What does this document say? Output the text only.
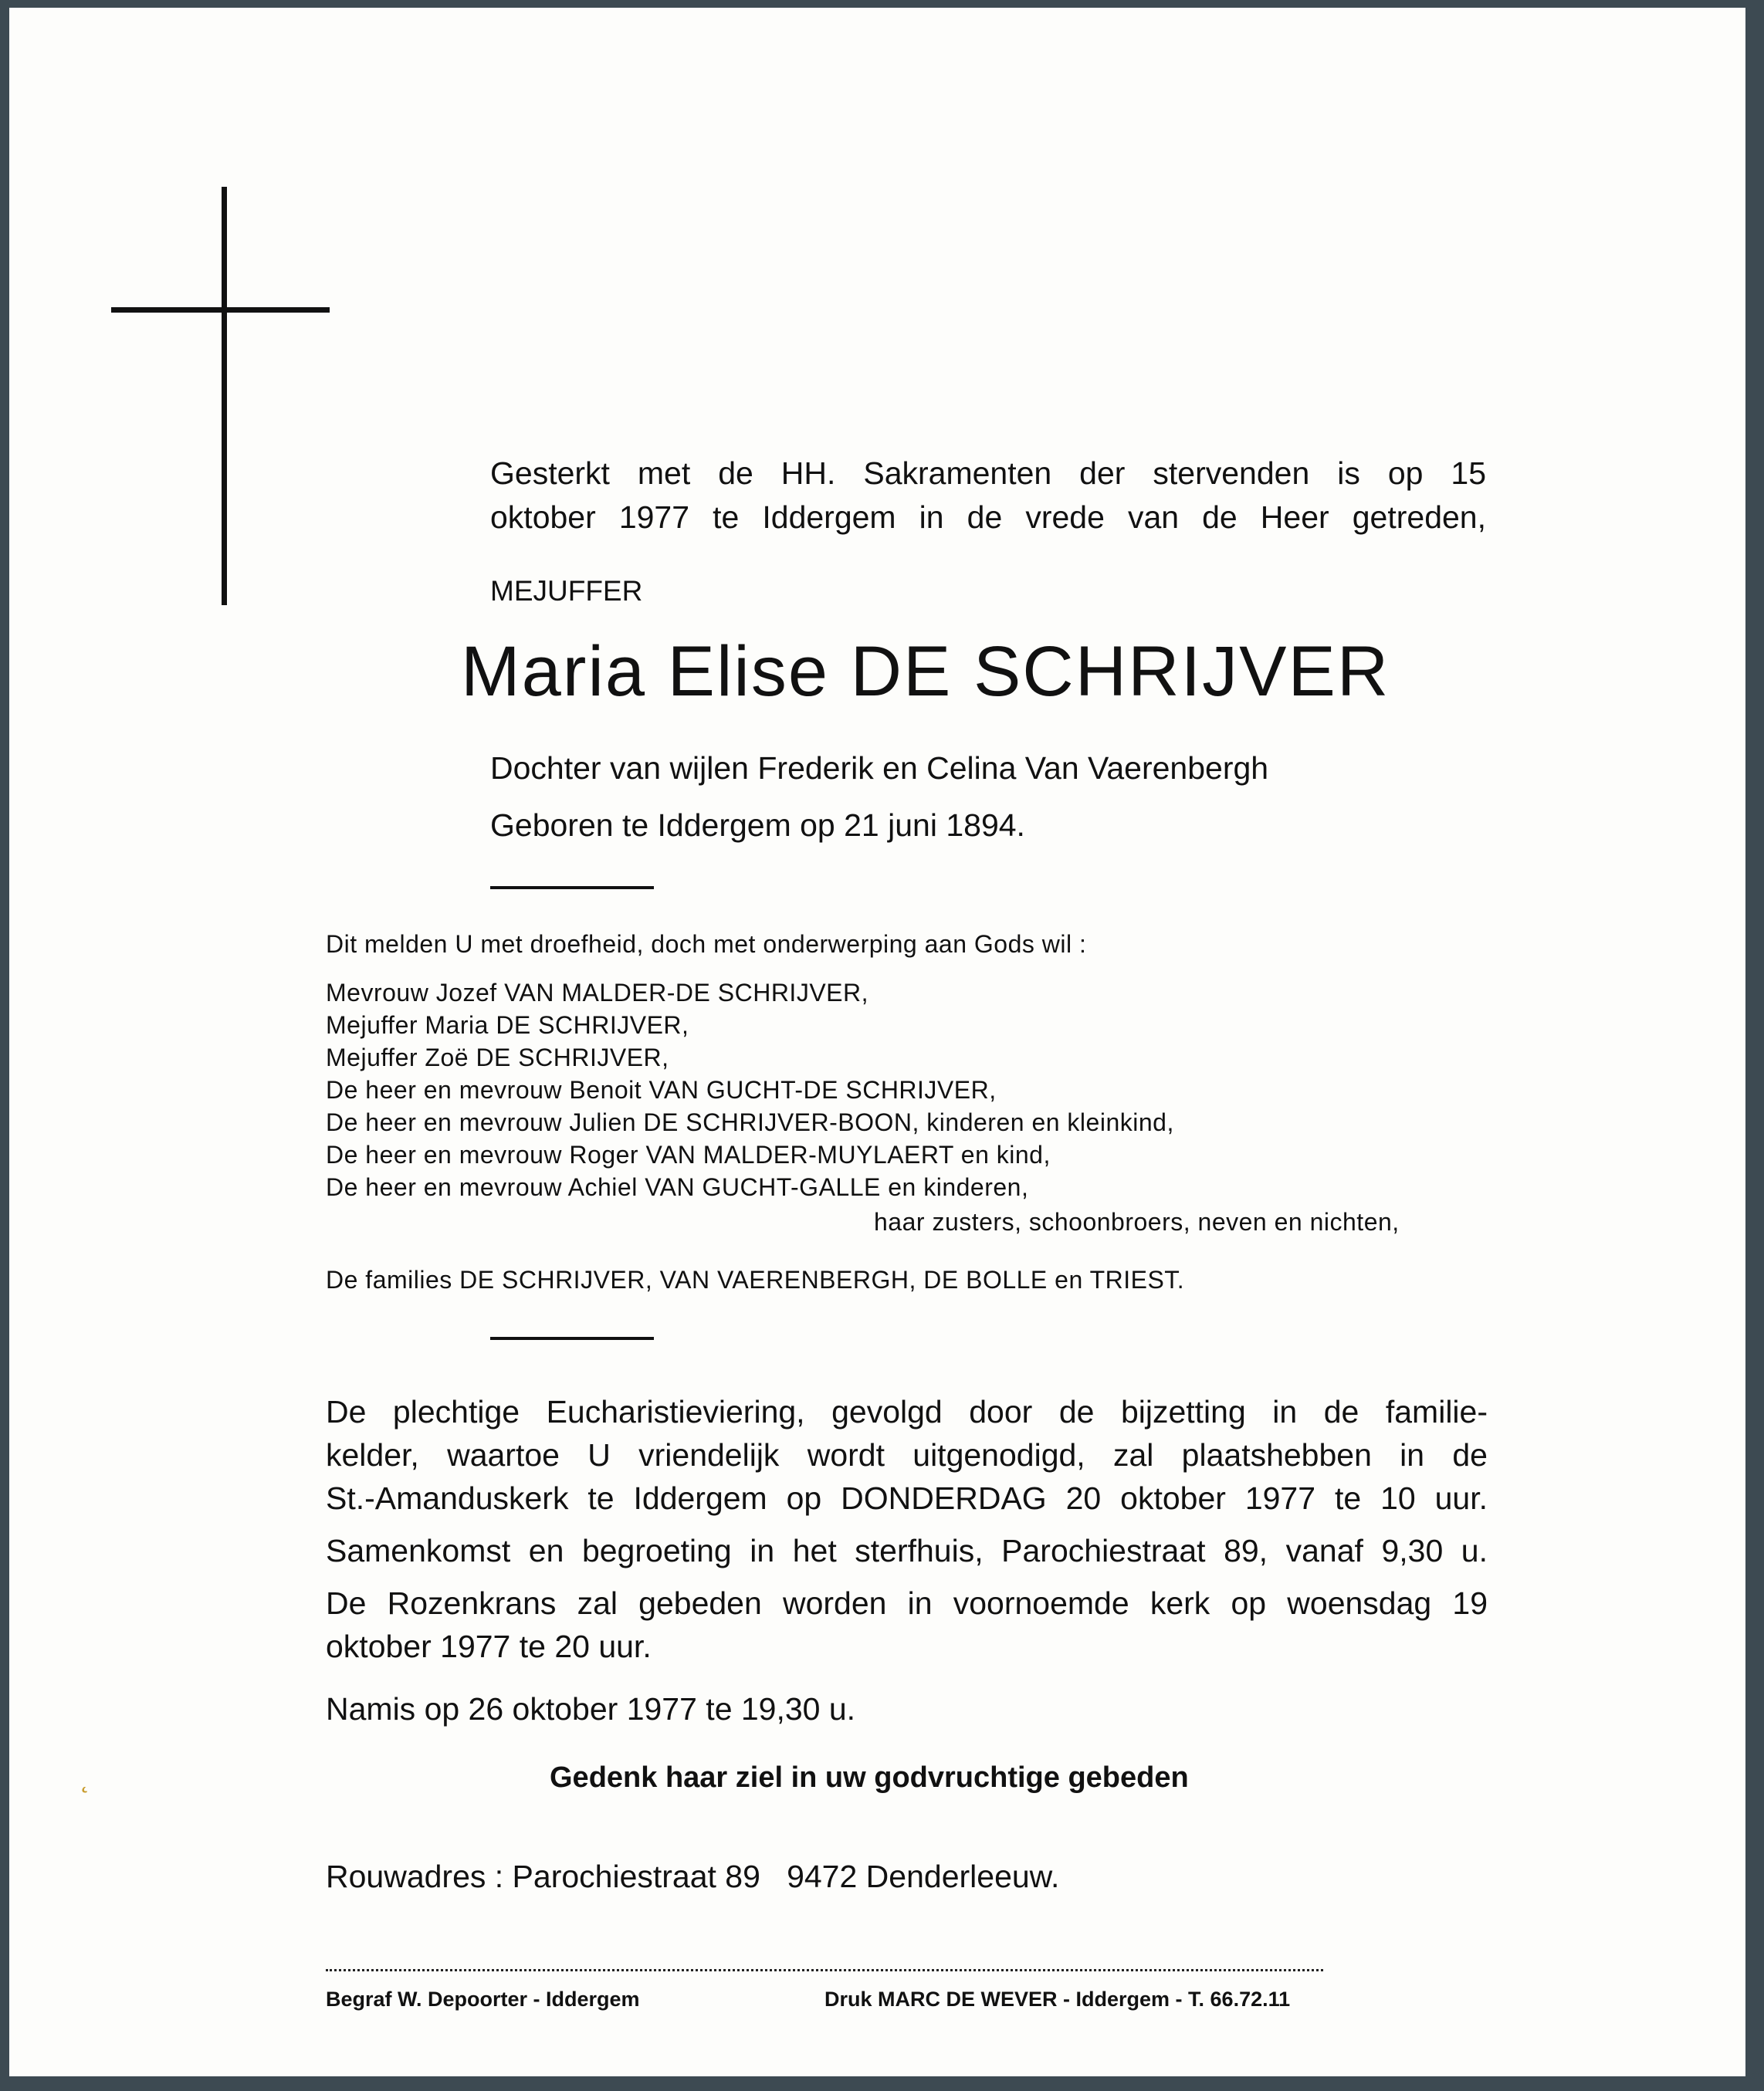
Gesterkt met de HH. Sakramenten der stervenden is op 15

oktober 1977 te Iddergem in de vrede van de Heer getreden,

MEJUFFER

Maria Elise DE SCHRIJVER

Dochter van wijlen Frederik en Celina Van Vaerenbergh

Geboren te Iddergem op 21 juni 1894.

Dit melden U met droefheid, doch met onderwerping aan Gods wil :

Mevrouw Jozef VAN MALDER-DE SCHRIJVER,

Mejuffer Maria DE SCHRIJVER,

Mejuffer Zoë DE SCHRIJVER,

De heer en mevrouw Benoit VAN GUCHT-DE SCHRIJVER,

De heer en mevrouw Julien DE SCHRIJVER-BOON, kinderen en kleinkind,

De heer en mevrouw Roger VAN MALDER-MUYLAERT en kind,

De heer en mevrouw Achiel VAN GUCHT-GALLE en kinderen,

haar zusters, schoonbroers, neven en nichten,

De families DE SCHRIJVER, VAN VAERENBERGH, DE BOLLE en TRIEST.

De plechtige Eucharistieviering, gevolgd door de bijzetting in de familie-

kelder, waartoe U vriendelijk wordt uitgenodigd, zal plaatshebben in de

St.-Amanduskerk te Iddergem op DONDERDAG 20 oktober 1977 te 10 uur.

Samenkomst en begroeting in het sterfhuis, Parochiestraat 89, vanaf 9,30 u.

De Rozenkrans zal gebeden worden in voornoemde kerk op woensdag 19

oktober 1977 te 20 uur.

Namis op 26 oktober 1977 te 19,30 u.

Gedenk haar ziel in uw godvruchtige gebeden

Rouwadres : Parochiestraat 89   9472 Denderleeuw.

Begraf W. Depoorter - Iddergem	Druk MARC DE WEVER - Iddergem - T. 66.72.11

˛
